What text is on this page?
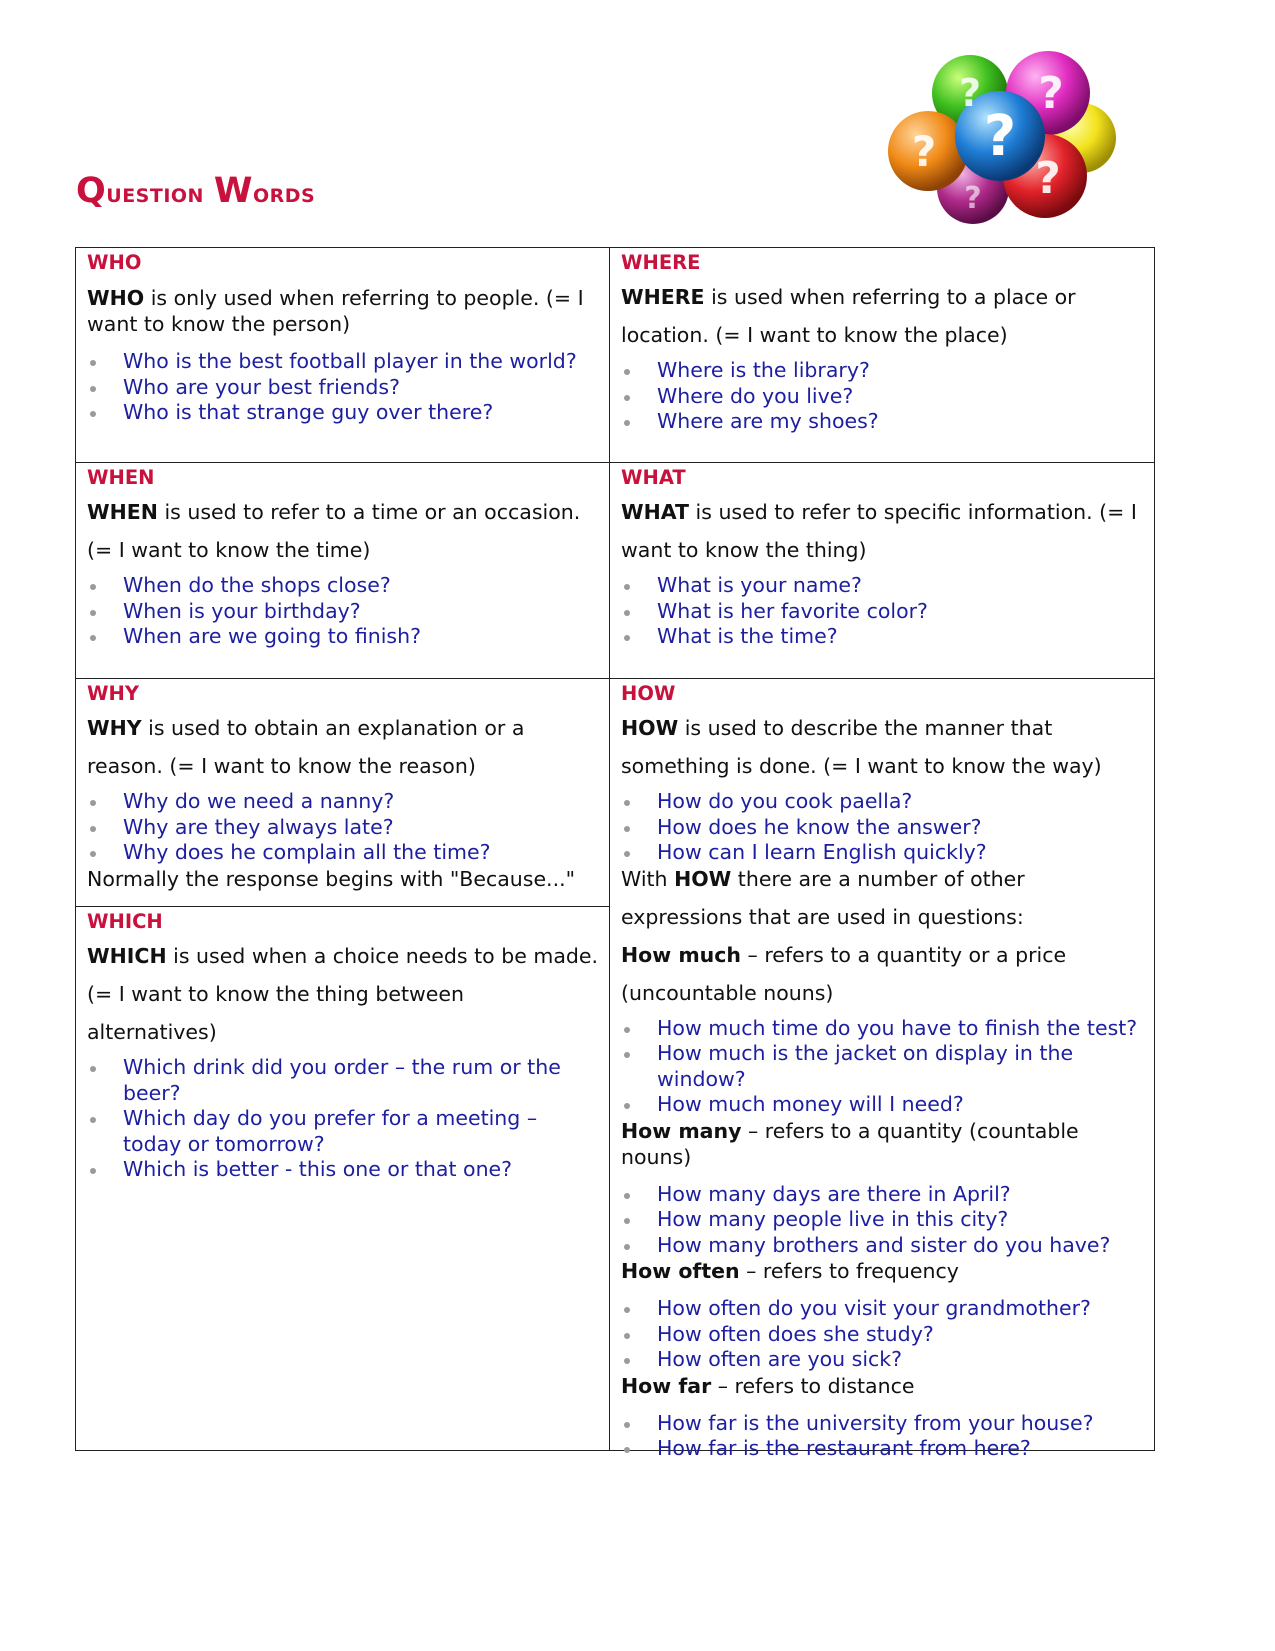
Question Words
? ?
?
?
?
?
WHO
WHO is only used when referring to people. (= I want to know the person)
Who is the best football player in the world?
Who are your best friends?
Who is that strange guy over there?
WHERE
WHERE is used when referring to a place or location. (= I want to know the place)
Where is the library?
Where do you live?
Where are my shoes?
WHEN
WHEN is used to refer to a time or an occasion. (= I want to know the time)
When do the shops close?
When is your birthday?
When are we going to finish?
WHAT
WHAT is used to refer to specific information. (= I want to know the thing)
What is your name?
What is her favorite color?
What is the time?
WHY
WHY is used to obtain an explanation or a reason. (= I want to know the reason)
Why do we need a nanny?
Why are they always late?
Why does he complain all the time?
Normally the response begins with "Because..."
WHICH
WHICH is used when a choice needs to be made. (= I want to know the thing between alternatives)
Which drink did you order – the rum or the beer?
Which day do you prefer for a meeting – today or tomorrow?
Which is better - this one or that one?
HOW
HOW is used to describe the manner that something is done. (= I want to know the way)
How do you cook paella?
How does he know the answer?
How can I learn English quickly?
With HOW there are a number of other expressions that are used in questions:
How much – refers to a quantity or a price (uncountable nouns)
How much time do you have to finish the test?
How much is the jacket on display in the window?
How much money will I need?
How many – refers to a quantity (countable nouns)
How many days are there in April?
How many people live in this city?
How many brothers and sister do you have?
How often – refers to frequency
How often do you visit your grandmother?
How often does she study?
How often are you sick?
How far – refers to distance
How far is the university from your house?
How far is the restaurant from here?
